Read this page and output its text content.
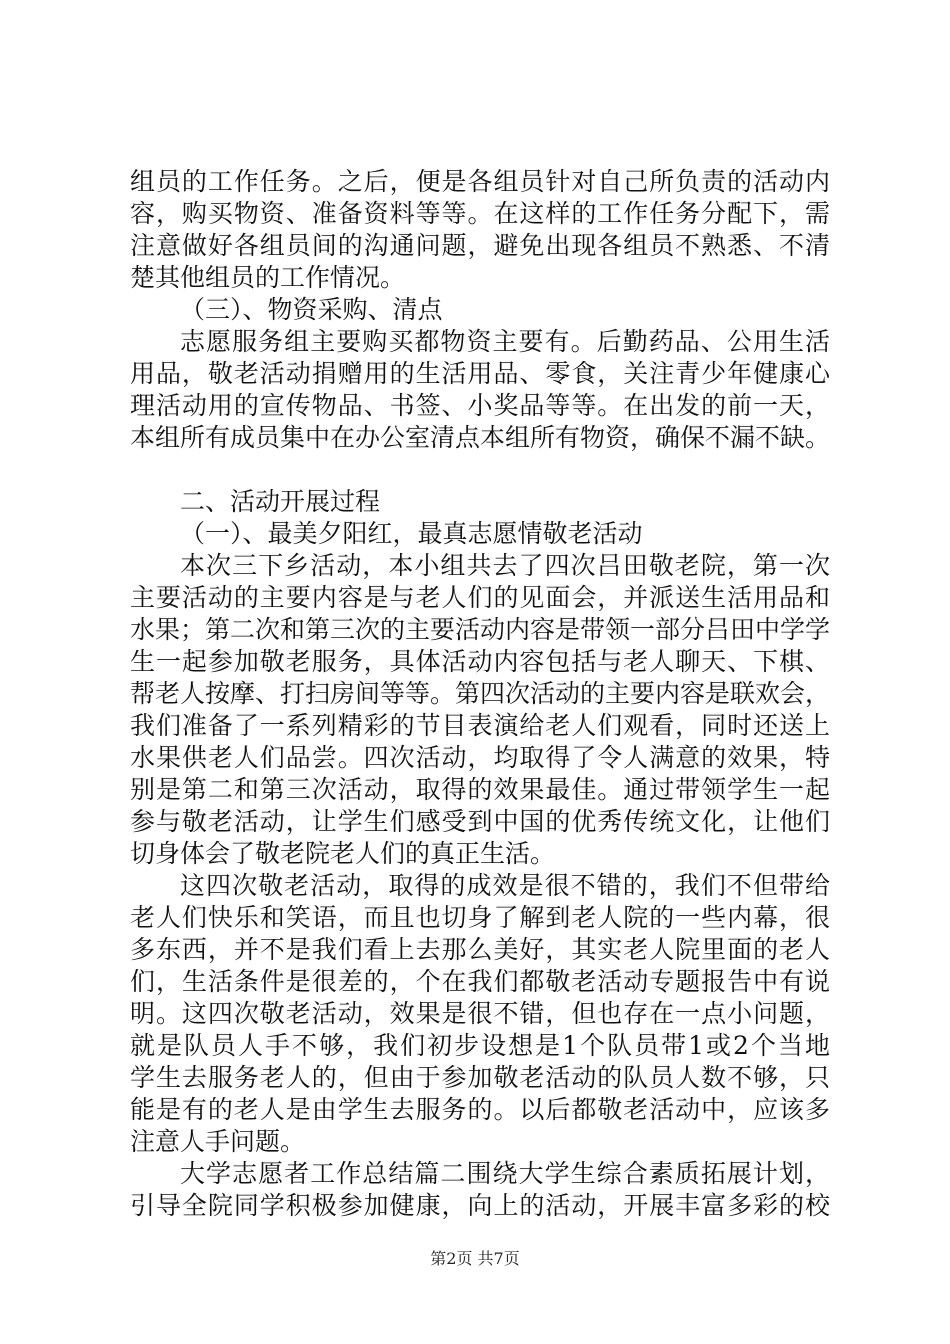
组员的工作任务。之后，便是各组员针对自己所负责的活动内
容，购买物资、准备资料等等。在这样的工作任务分配下，需
注意做好各组员间的沟通问题，避免出现各组员不熟悉、不清
楚其他组员的工作情况。
（三）、物资采购、清点
志愿服务组主要购买都物资主要有。后勤药品、公用生活
用品，敬老活动捐赠用的生活用品、零食，关注青少年健康心
理活动用的宣传物品、书签、小奖品等等。在出发的前一天，
本组所有成员集中在办公室清点本组所有物资，确保不漏不缺。
二、活动开展过程
（一）、最美夕阳红，最真志愿情敬老活动
本次三下乡活动，本小组共去了四次吕田敬老院，第一次
主要活动的主要内容是与老人们的见面会，并派送生活用品和
水果；第二次和第三次的主要活动内容是带领一部分吕田中学学
生一起参加敬老服务，具体活动内容包括与老人聊天、下棋、
帮老人按摩、打扫房间等等。第四次活动的主要内容是联欢会，
我们准备了一系列精彩的节目表演给老人们观看，同时还送上
水果供老人们品尝。四次活动，均取得了令人满意的效果，特
别是第二和第三次活动，取得的效果最佳。通过带领学生一起
参与敬老活动，让学生们感受到中国的优秀传统文化，让他们
切身体会了敬老院老人们的真正生活。
这四次敬老活动，取得的成效是很不错的，我们不但带给
老人们快乐和笑语，而且也切身了解到老人院的一些内幕，很
多东西，并不是我们看上去那么美好，其实老人院里面的老人
们，生活条件是很差的，个在我们都敬老活动专题报告中有说
明。这四次敬老活动，效果是很不错，但也存在一点小问题，
就是队员人手不够，我们初步设想是1个队员带1或2个当地
学生去服务老人的，但由于参加敬老活动的队员人数不够，只
能是有的老人是由学生去服务的。以后都敬老活动中，应该多
注意人手问题。
大学志愿者工作总结篇二围绕大学生综合素质拓展计划，
引导全院同学积极参加健康，向上的活动，开展丰富多彩的校
第2页 共7页
